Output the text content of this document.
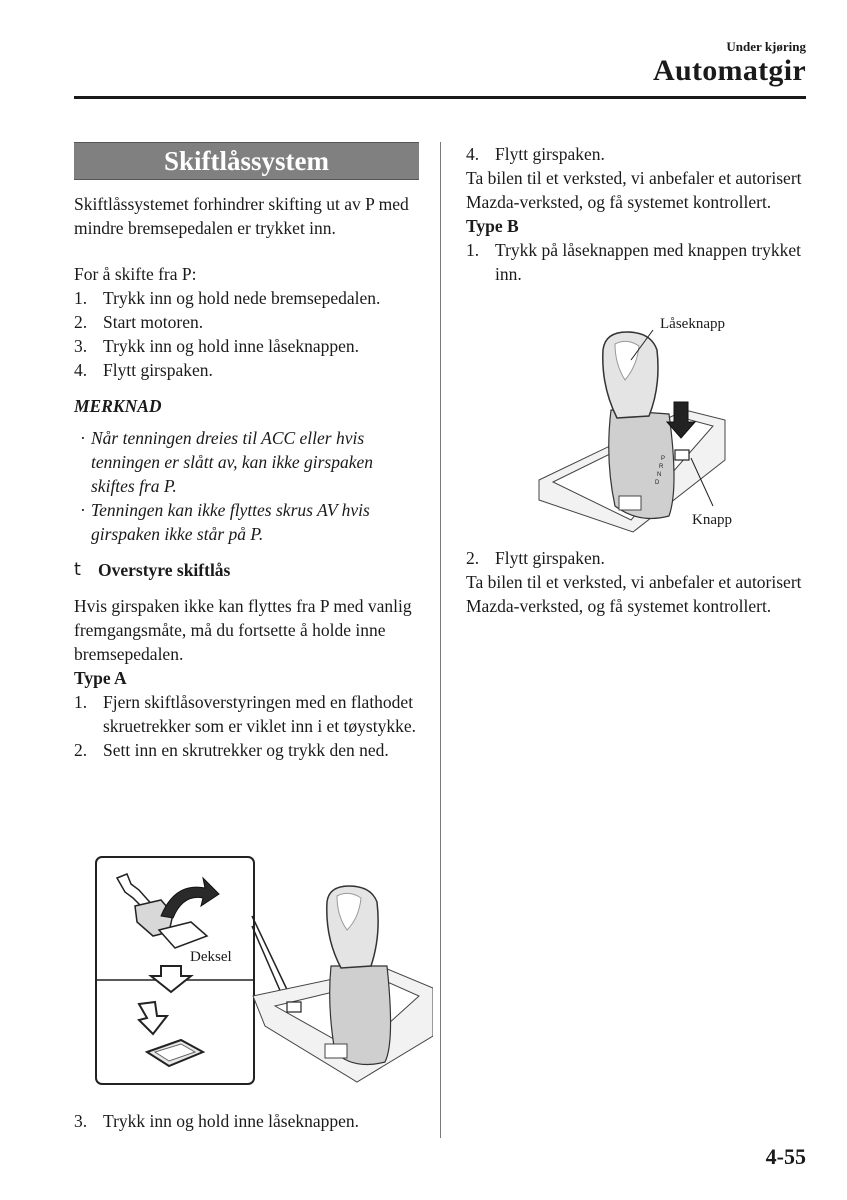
Under kjøring
Automatgir
Skiftlåssystem

Skiftlåssystemet forhindrer skifting ut av P med mindre bremsepedalen er trykket inn.

For å skifte fra P:

1. Trykk inn og hold nede bremsepedalen.
2. Start motoren.
3. Trykk inn og hold inne låseknappen.
4. Flytt girspaken.

MERKNAD

· Når tenningen dreies til ACC eller hvis tenningen er slått av, kan ikke girspaken skiftes fra P.
· Tenningen kan ikke flyttes skrus AV hvis girspaken ikke står på P.

t Overstyre skiftlås

Hvis girspaken ikke kan flyttes fra P med vanlig fremgangsmåte, må du fortsette å holde inne bremsepedalen.

Type A

1. Fjern skiftlåsoverstyringen med en flathodet skruetrekker som er viklet inn i et tøystykke.
2. Sett inn en skrutrekker og trykk den ned.
Deksel
3. Trykk inn og hold inne låseknappen.
4. Flytt girspaken.

Ta bilen til et verksted, vi anbefaler et autorisert Mazda-verksted, og få systemet kontrollert.

Type B

1. Trykk på låseknappen med knappen trykket inn.
P
R
N
D
Låseknapp
Knapp
2. Flytt girspaken.

Ta bilen til et verksted, vi anbefaler et autorisert Mazda-verksted, og få systemet kontrollert.

4-55
